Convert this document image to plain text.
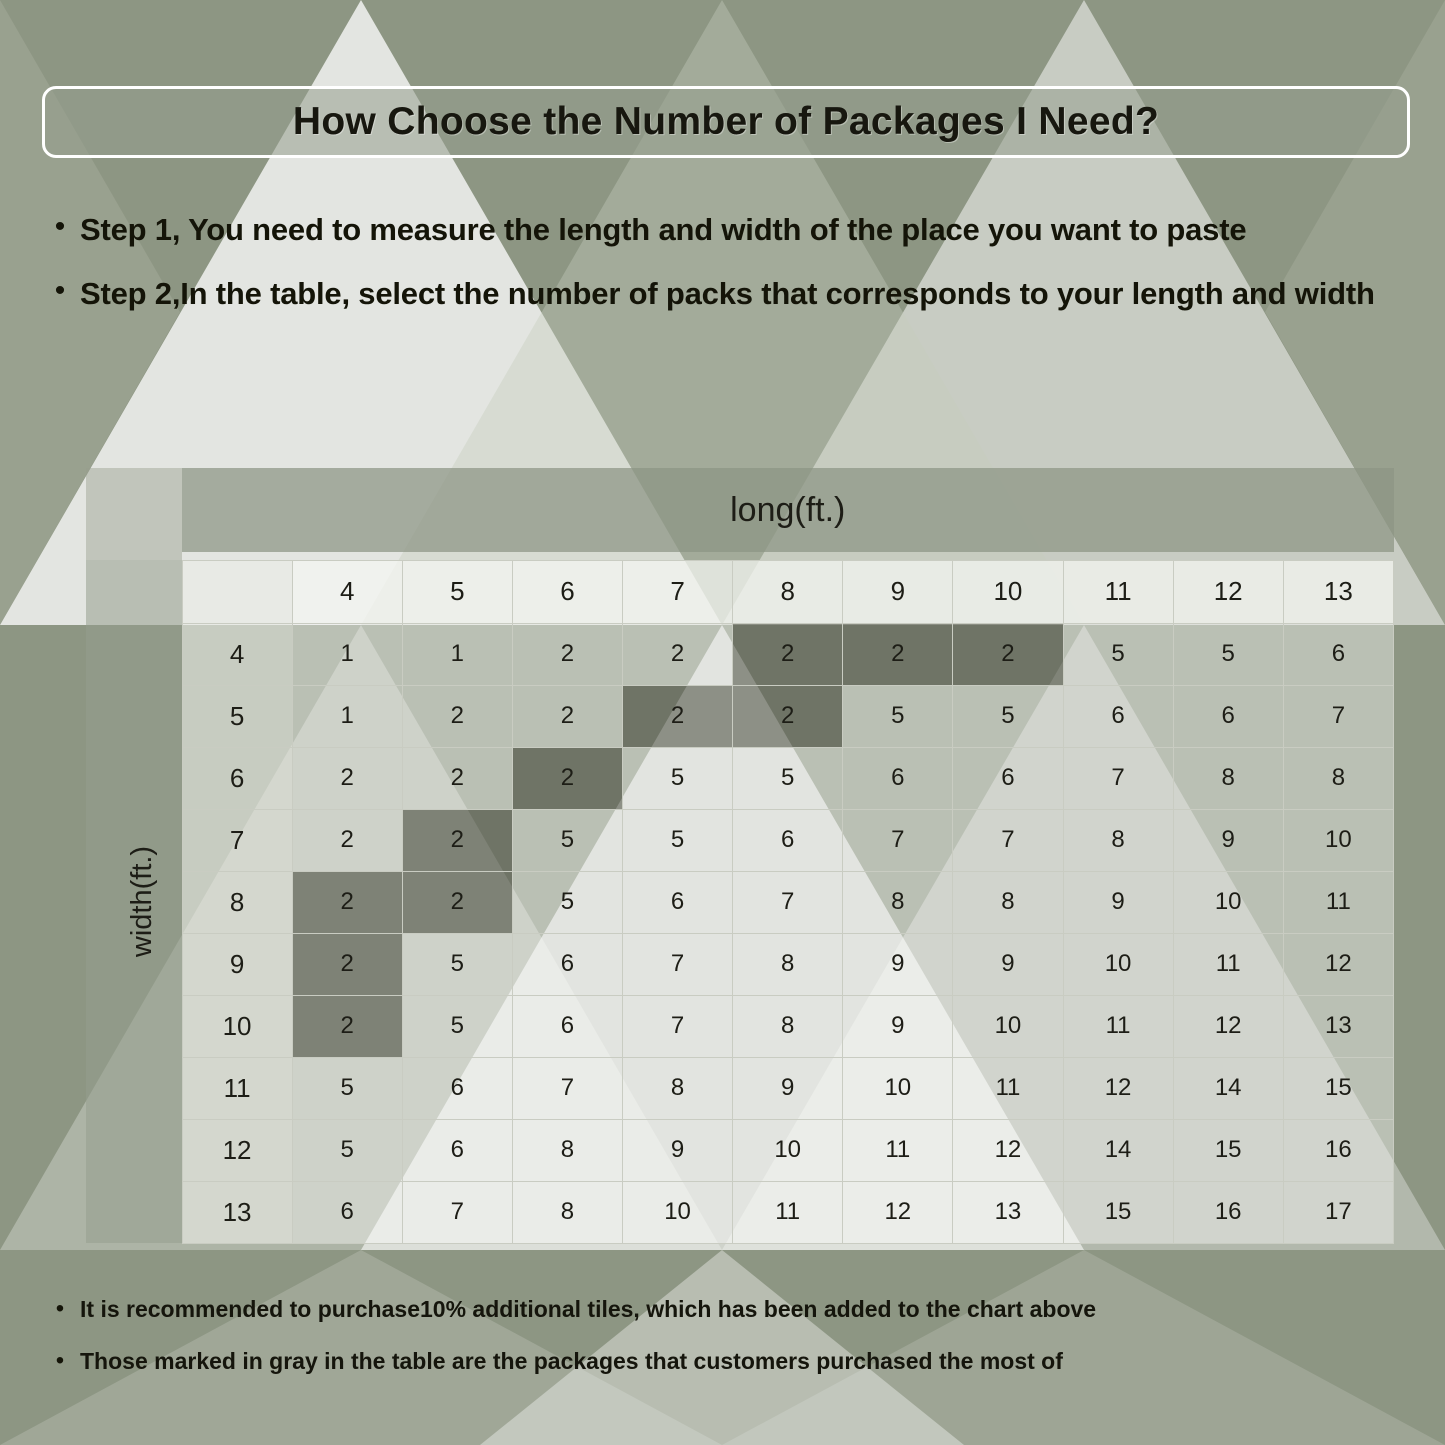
How Choose the Number of Packages I Need?
• Step 1, You need to measure the length and width of the place you want to paste
• Step 2,In the table, select the number of packs that corresponds to your length and width
	long(ft.)										

width(ft.)		4	5	6	7	8	9	10	11	12	13
	4	1	1	2	2	2	2	2	5	5	6
	5	1	2	2	2	2	5	5	6	6	7
	6	2	2	2	5	5	6	6	7	8	8
	7	2	2	5	5	6	7	7	8	9	10
	8	2	2	5	6	7	8	8	9	10	11
	9	2	5	6	7	8	9	9	10	11	12
	10	2	5	6	7	8	9	10	11	12	13
	11	5	6	7	8	9	10	11	12	14	15
	12	5	6	8	9	10	11	12	14	15	16
	13	6	7	8	10	11	12	13	15	16	17
• It is recommended to purchase10% additional tiles, which has been added to the chart above
• Those marked in gray in the table are the packages that customers purchased the most of
